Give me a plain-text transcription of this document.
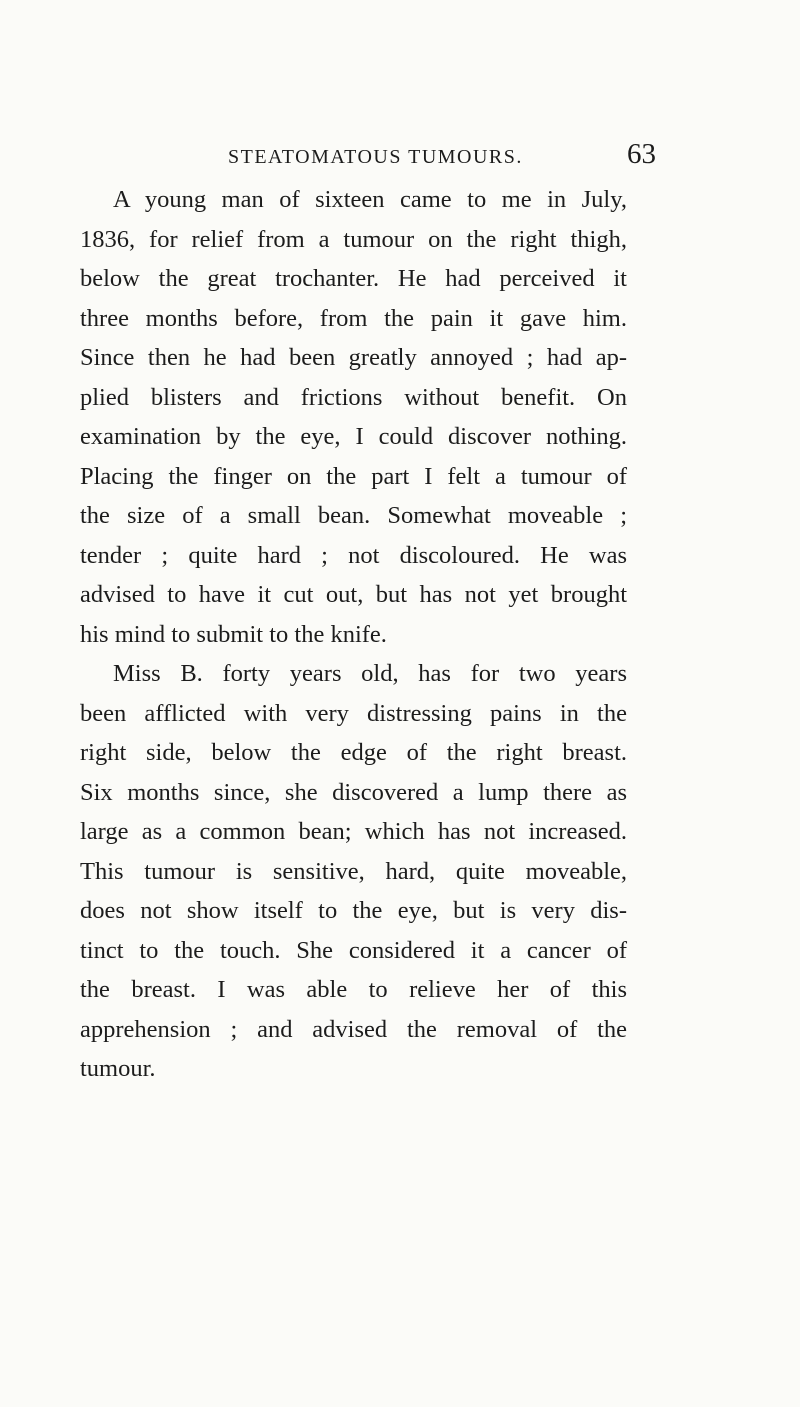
STEATOMATOUS TUMOURS.	63
A young man of sixteen came to me in July,
1836, for relief from a tumour on the right thigh,
below the great trochanter. He had perceived it
three months before, from the pain it gave him.
Since then he had been greatly annoyed ; had ap-
plied blisters and frictions without benefit. On
examination by the eye, I could discover nothing.
Placing the finger on the part I felt a tumour of
the size of a small bean. Somewhat moveable ;
tender ; quite hard ; not discoloured. He was
advised to have it cut out, but has not yet brought
his mind to submit to the knife.
Miss B. forty years old, has for two years
been afflicted with very distressing pains in the
right side, below the edge of the right breast.
Six months since, she discovered a lump there as
large as a common bean; which has not increased.
This tumour is sensitive, hard, quite moveable,
does not show itself to the eye, but is very dis-
tinct to the touch. She considered it a cancer of
the breast. I was able to relieve her of this
apprehension ; and advised the removal of the
tumour.
